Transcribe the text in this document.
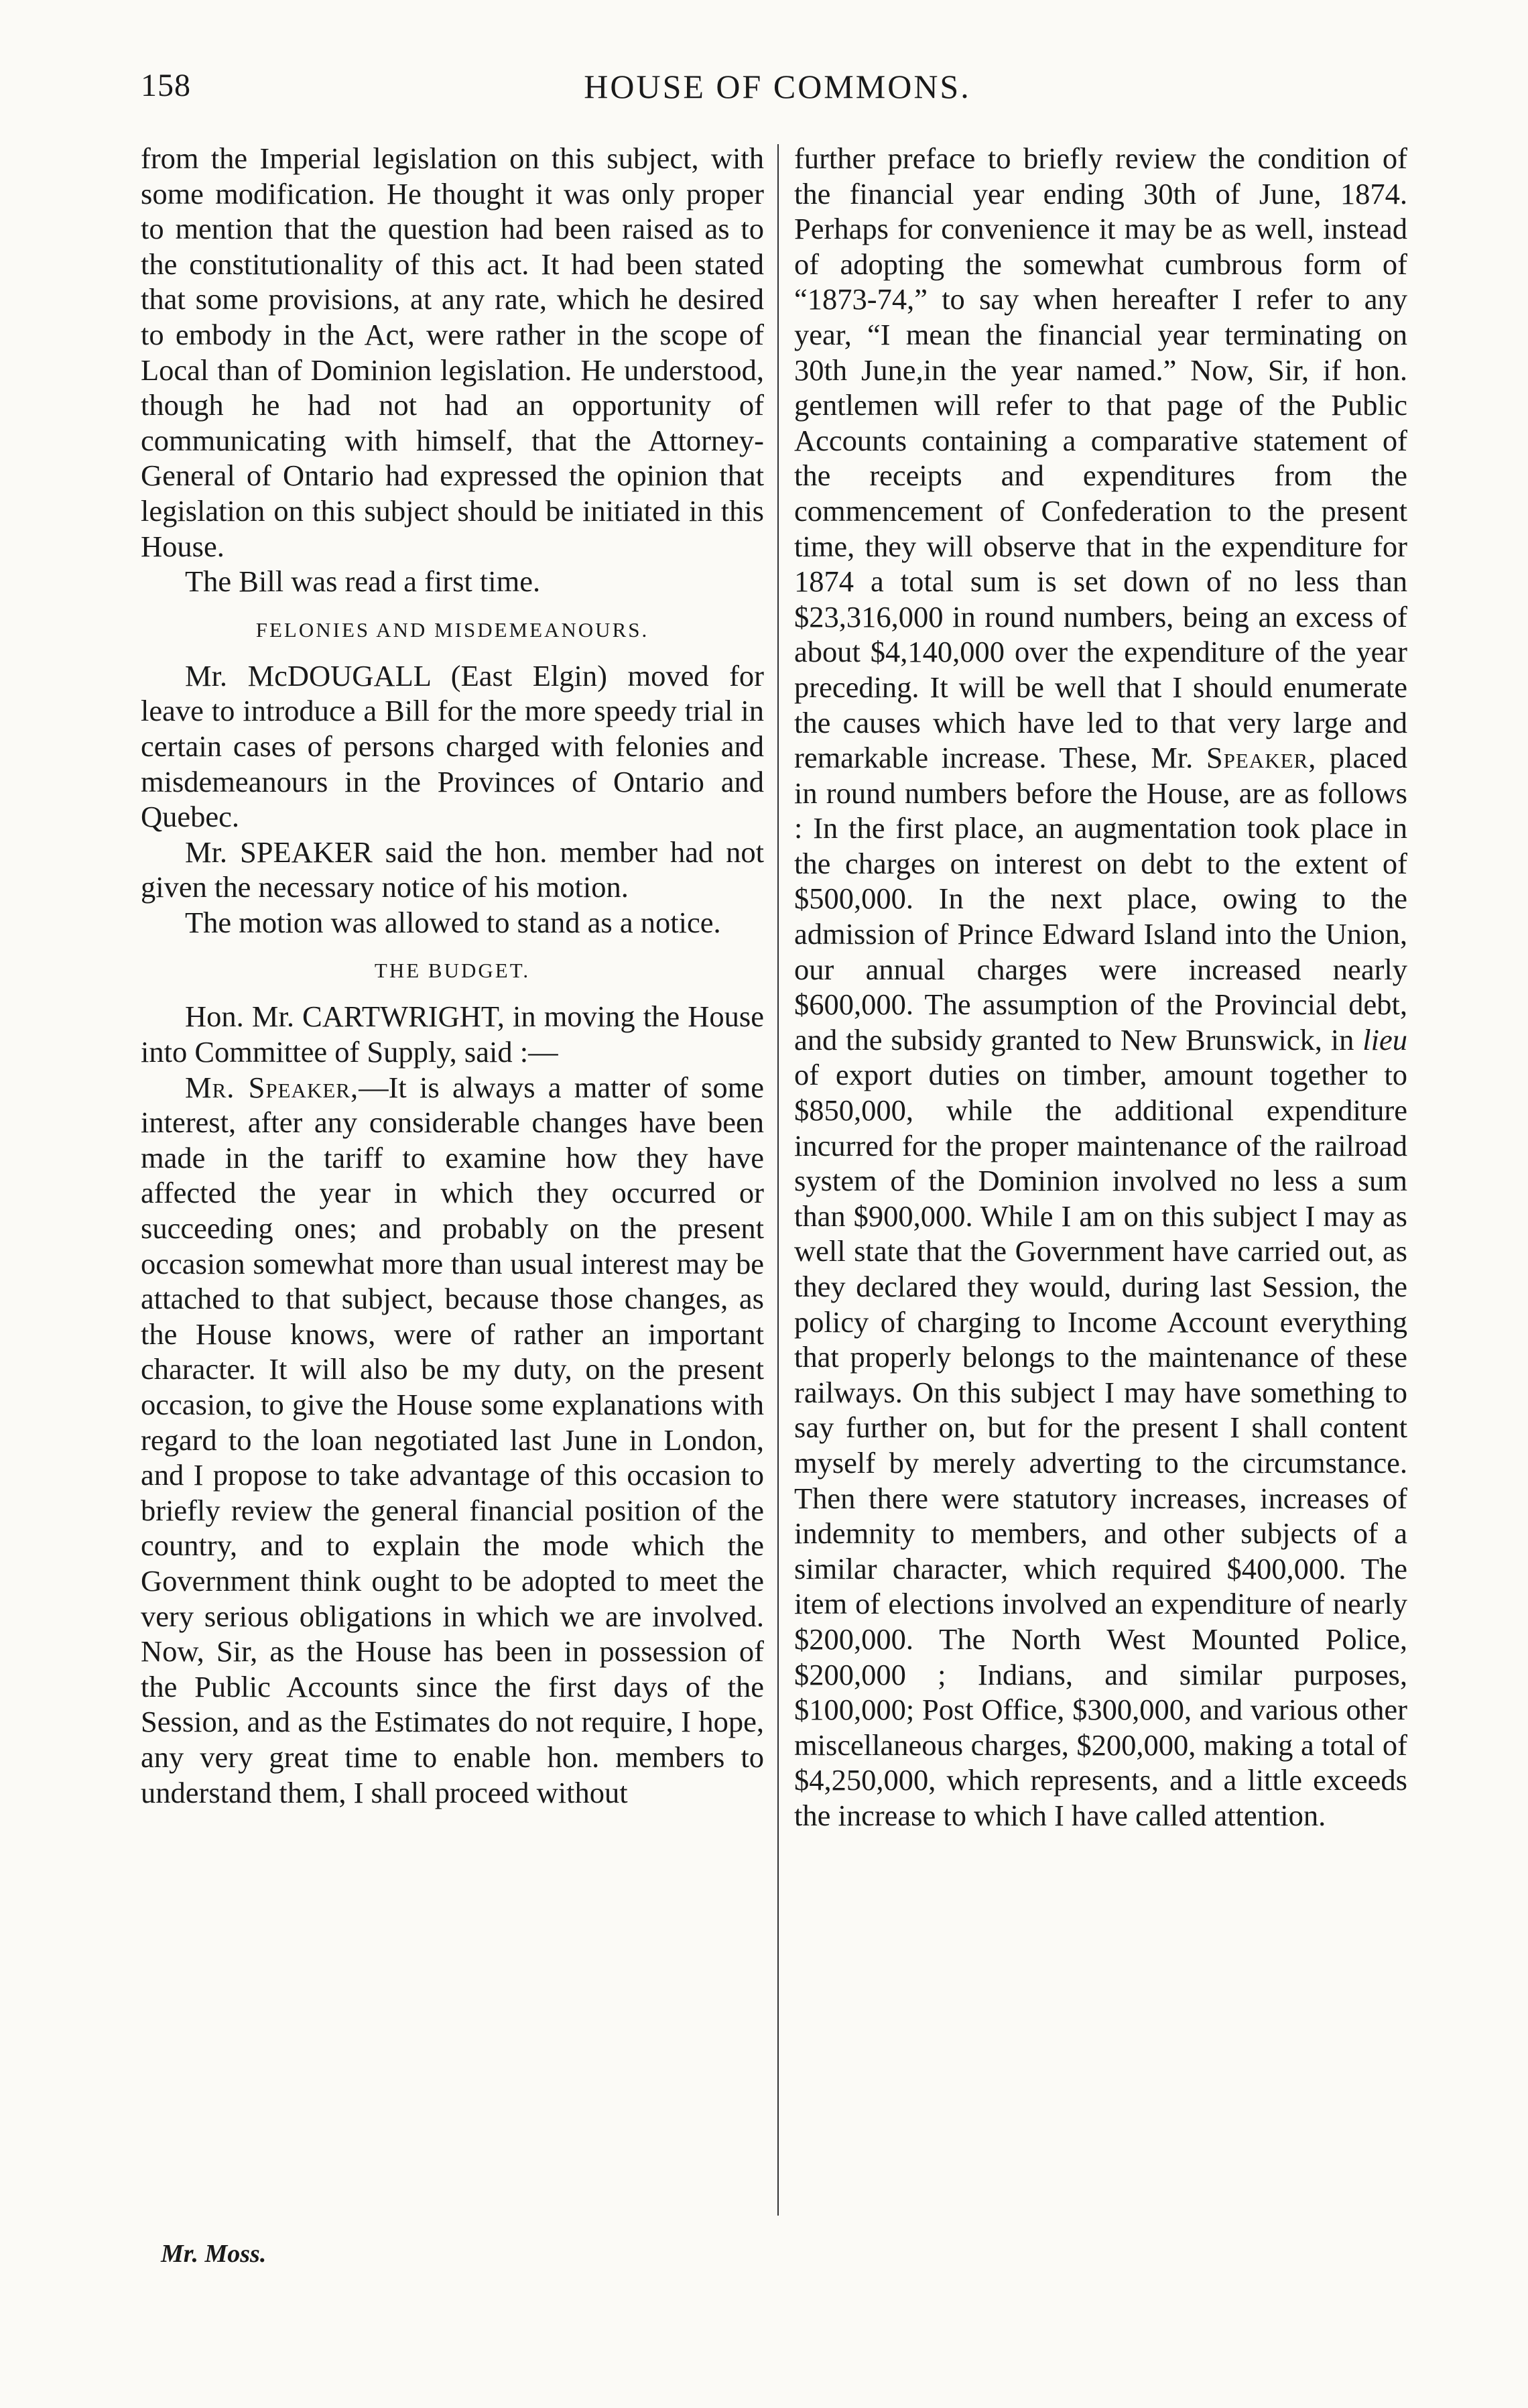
158	HOUSE OF COMMONS.

from the Imperial legislation on this subject, with some modification. He thought it was only proper to mention that the question had been raised as to the constitutionality of this act. It had been stated that some provisions, at any rate, which he desired to embody in the Act, were rather in the scope of Local than of Dominion legislation. He understood, though he had not had an opportunity of communicating with himself, that the Attorney-General of Ontario had expressed the opinion that legislation on this subject should be initiated in this House.

The Bill was read a first time.

FELONIES AND MISDEMEANOURS.

Mr. McDOUGALL (East Elgin) moved for leave to introduce a Bill for the more speedy trial in certain cases of persons charged with felonies and misdemeanours in the Provinces of Ontario and Quebec.

Mr. SPEAKER said the hon. member had not given the necessary notice of his motion.

The motion was allowed to stand as a notice.

THE BUDGET.

Hon. Mr. CARTWRIGHT, in moving the House into Committee of Supply, said :—

Mr. Speaker,—It is always a matter of some interest, after any considerable changes have been made in the tariff to examine how they have affected the year in which they occurred or succeeding ones; and probably on the present occasion somewhat more than usual interest may be attached to that subject, because those changes, as the House knows, were of rather an important character. It will also be my duty, on the present occasion, to give the House some explanations with regard to the loan negotiated last June in London, and I propose to take advantage of this occasion to briefly review the general financial position of the country, and to explain the mode which the Government think ought to be adopted to meet the very serious obligations in which we are involved. Now, Sir, as the House has been in possession of the Public Accounts since the first days of the Session, and as the Estimates do not require, I hope, any very great time to enable hon. members to understand them, I shall proceed without

further preface to briefly review the condition of the financial year ending 30th of June, 1874. Perhaps for convenience it may be as well, instead of adopting the somewhat cumbrous form of “1873-74,” to say when hereafter I refer to any year, “I mean the financial year terminating on 30th June,in the year named.” Now, Sir, if hon. gentlemen will refer to that page of the Public Accounts containing a comparative statement of the receipts and expenditures from the commencement of Confederation to the present time, they will observe that in the expenditure for 1874 a total sum is set down of no less than $23,316,000 in round numbers, being an excess of about $4,140,000 over the expenditure of the year preceding. It will be well that I should enumerate the causes which have led to that very large and remarkable increase. These, Mr. Speaker, placed in round numbers before the House, are as follows : In the first place, an augmentation took place in the charges on interest on debt to the extent of $500,000. In the next place, owing to the admission of Prince Edward Island into the Union, our annual charges were increased nearly $600,000. The assumption of the Provincial debt, and the subsidy granted to New Brunswick, in lieu of export duties on timber, amount together to $850,000, while the additional expenditure incurred for the proper maintenance of the railroad system of the Dominion involved no less a sum than $900,000. While I am on this subject I may as well state that the Government have carried out, as they declared they would, during last Session, the policy of charging to Income Account everything that properly belongs to the maintenance of these railways. On this subject I may have something to say further on, but for the present I shall content myself by merely adverting to the circumstance. Then there were statutory increases, increases of indemnity to members, and other subjects of a similar character, which required $400,000. The item of elections involved an expenditure of nearly $200,000. The North West Mounted Police, $200,000 ; Indians, and similar purposes, $100,000; Post Office, $300,000, and various other miscellaneous charges, $200,000, making a total of $4,250,000, which represents, and a little exceeds the increase to which I have called attention.

Mr. Moss.
